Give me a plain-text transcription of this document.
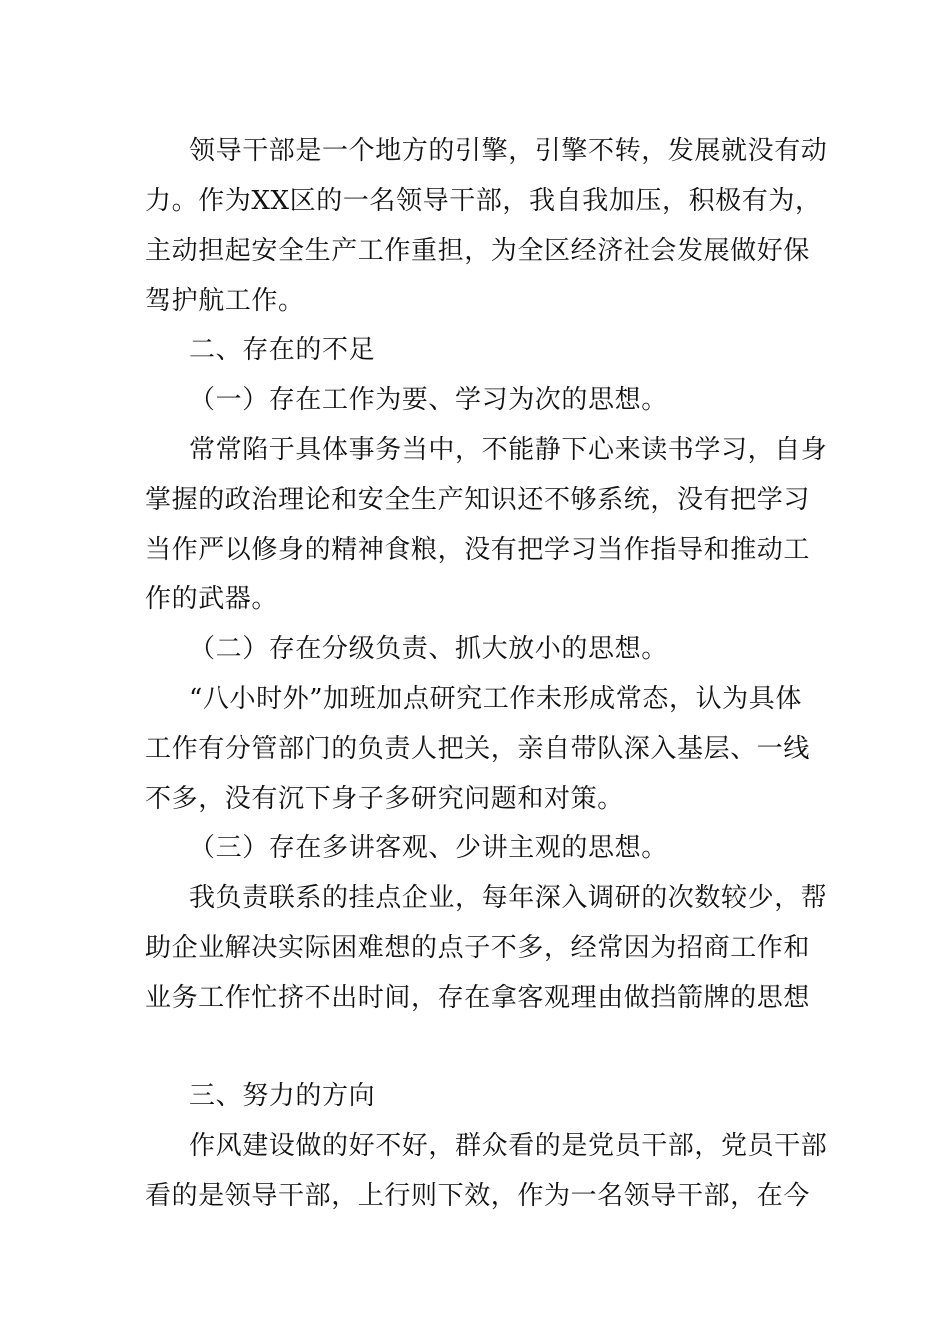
领导干部是一个地方的引擎，引擎不转，发展就没有动
力。作为XX区的一名领导干部，我自我加压，积极有为，
主动担起安全生产工作重担，为全区经济社会发展做好保
驾护航工作。
二、存在的不足
（一）存在工作为要、学习为次的思想。
常常陷于具体事务当中，不能静下心来读书学习，自身
掌握的政治理论和安全生产知识还不够系统，没有把学习
当作严以修身的精神食粮，没有把学习当作指导和推动工
作的武器。
（二）存在分级负责、抓大放小的思想。
“八小时外”加班加点研究工作未形成常态，认为具体
工作有分管部门的负责人把关，亲自带队深入基层、一线
不多，没有沉下身子多研究问题和对策。
（三）存在多讲客观、少讲主观的思想。
我负责联系的挂点企业，每年深入调研的次数较少，帮
助企业解决实际困难想的点子不多，经常因为招商工作和
业务工作忙挤不出时间，存在拿客观理由做挡箭牌的思想
三、努力的方向
作风建设做的好不好，群众看的是党员干部，党员干部
看的是领导干部，上行则下效，作为一名领导干部，在今
